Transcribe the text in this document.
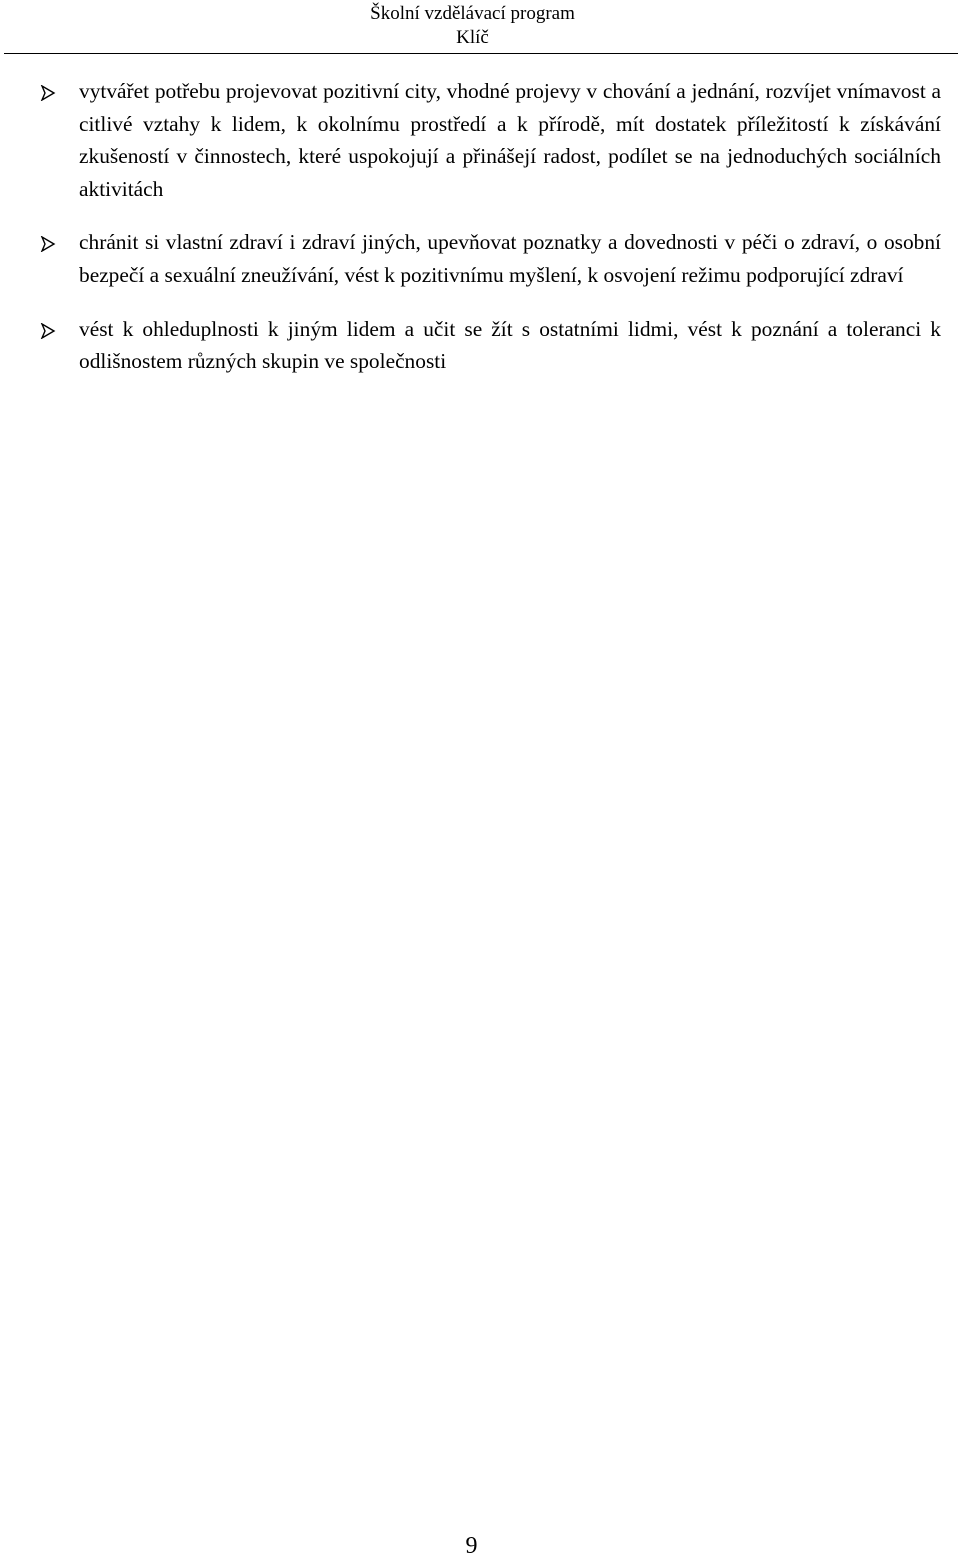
Školní vzdělávací program
Klíč
vytvářet potřebu projevovat pozitivní city, vhodné projevy v chování a jednání, rozvíjet vnímavost a citlivé vztahy k lidem, k okolnímu prostředí a k přírodě, mít dostatek příležitostí k získávání zkušeností v činnostech, které uspokojují a přinášejí radost, podílet se na jednoduchých sociálních aktivitách
chránit si vlastní zdraví i zdraví jiných, upevňovat poznatky a dovednosti v péči o zdraví, o osobní bezpečí a sexuální zneužívání, vést k pozitivnímu myšlení, k osvojení režimu podporující zdraví
vést k ohleduplnosti k jiným lidem a učit se žít s ostatními lidmi, vést k poznání a toleranci k odlišnostem různých skupin ve společnosti
9
